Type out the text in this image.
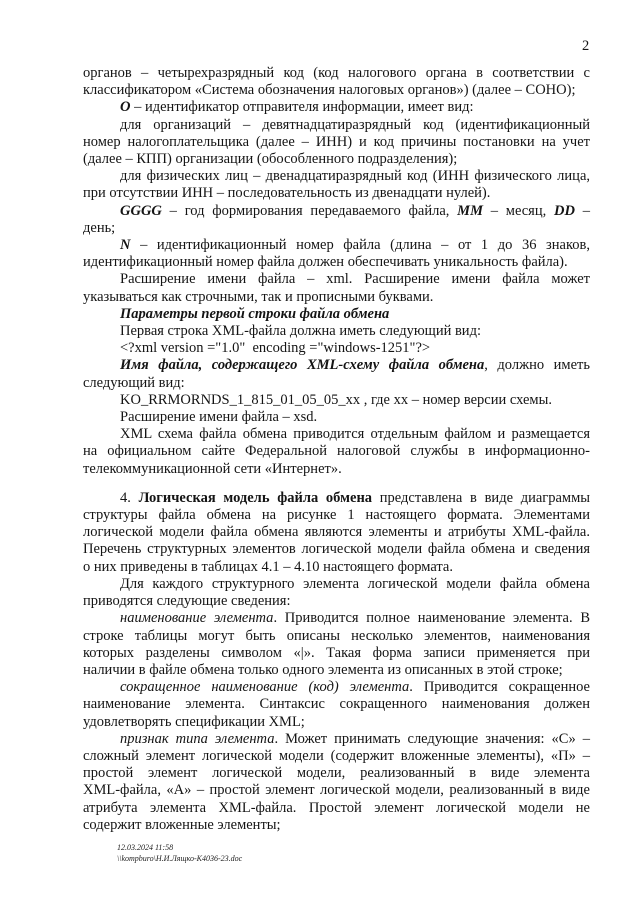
2
органов – четырехразрядный код (код налогового органа в соответствии с
классификатором «Система обозначения налоговых органов») (далее – СОНО);
О – идентификатор отправителя информации, имеет вид:
для организаций – девятнадцатиразрядный код (идентификационный
номер налогоплательщика (далее – ИНН) и код причины постановки на учет
(далее – КПП) организации (обособленного подразделения);
для физических лиц – двенадцатиразрядный код (ИНН физического лица,
при отсутствии ИНН – последовательность из двенадцати нулей).
GGGG – год формирования передаваемого файла, MM – месяц, DD –
день;
N – идентификационный номер файла (длина – от 1 до 36 знаков,
идентификационный номер файла должен обеспечивать уникальность файла).
Расширение имени файла – xml. Расширение имени файла может
указываться как строчными, так и прописными буквами.
Параметры первой строки файла обмена
Первая строка XML-файла должна иметь следующий вид:
<?xml version ="1.0"  encoding ="windows-1251"?>
Имя файла, содержащего XML-схему файла обмена, должно иметь
следующий вид:
KO_RRMORNDS_1_815_01_05_05_xx , где хх – номер версии схемы.
Расширение имени файла – xsd.
XML схема файла обмена приводится отдельным файлом и размещается
на официальном сайте Федеральной налоговой службы в информационно-
телекоммуникационной сети «Интернет».
4. Логическая модель файла обмена представлена в виде диаграммы
структуры файла обмена на рисунке 1 настоящего формата. Элементами
логической модели файла обмена являются элементы и атрибуты XML-файла.
Перечень структурных элементов логической модели файла обмена и сведения
о них приведены в таблицах 4.1 – 4.10 настоящего формата.
Для каждого структурного элемента логической модели файла обмена
приводятся следующие сведения:
наименование элемента. Приводится полное наименование элемента. В
строке таблицы могут быть описаны несколько элементов, наименования
которых разделены символом «|». Такая форма записи применяется при
наличии в файле обмена только одного элемента из описанных в этой строке;
сокращенное наименование (код) элемента. Приводится сокращенное
наименование элемента. Синтаксис сокращенного наименования должен
удовлетворять спецификации XML;
признак типа элемента. Может принимать следующие значения: «С» –
сложный элемент логической модели (содержит вложенные элементы), «П» –
простой элемент логической модели, реализованный в виде элемента
XML-файла, «А» – простой элемент логической модели, реализованный в виде
атрибута элемента XML-файла. Простой элемент логической модели не
содержит вложенные элементы;
12.03.2024 11:58
\\kompburo\Н.И.Лящко-К4036-23.doc
